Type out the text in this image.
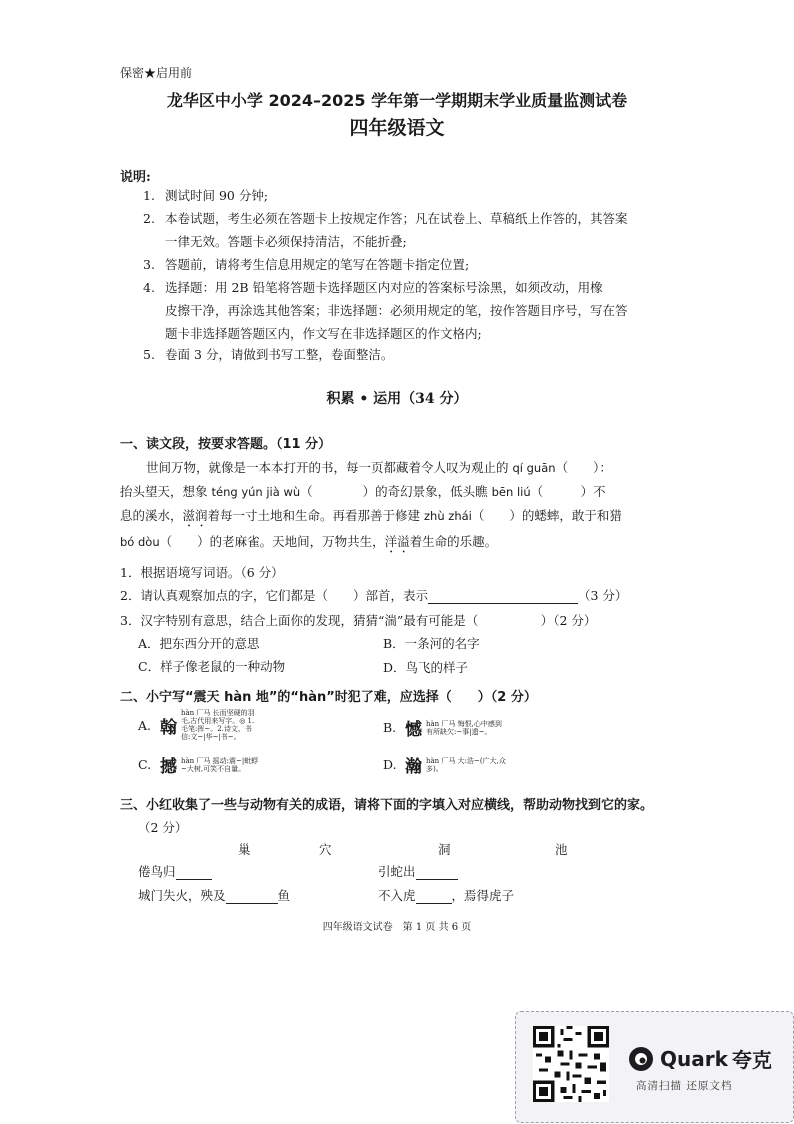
保密★启用前
龙华区中小学 2024–2025 学年第一学期期末学业质量监测试卷
四年级语文
说明:
1. 测试时间 90 分钟;
2. 本卷试题，考生必须在答题卡上按规定作答；凡在试卷上、草稿纸上作答的，其答案
一律无效。答题卡必须保持清洁，不能折叠;
3. 答题前，请将考生信息用规定的笔写在答题卡指定位置;
4. 选择题：用 2B 铅笔将答题卡选择题区内对应的答案标号涂黑，如须改动，用橡
皮擦干净，再涂选其他答案；非选择题：必须用规定的笔，按作答题目序号，写在答
题卡非选择题答题区内，作文写在非选择题区的作文格内;
5. 卷面 3 分，请做到书写工整，卷面整洁。
积累 • 运用（34 分）
一、读文段，按要求答题。（11 分）
世间万物，就像是一本本打开的书，每一页都藏着令人叹为观止的 qí guān（　　）：
抬头望天，想象 téng yún jià wù（　　　　）的奇幻景象，低头瞧 bēn liú（　　　）不
息的溪水，滋润着每一寸土地和生命。再看那善于修建 zhù zhái（　　）的蟋蟀，敢于和猎
bó dòu（　　）的老麻雀。天地间，万物共生，洋溢着生命的乐趣。
1．根据语境写词语。（6 分）
2．请认真观察加点的字，它们都是（　　）部首，表示	（3 分）
3．汉字特别有意思，结合上面你的发现，猜猜“湍”最有可能是（　　　　　）（2 分）
A．把东西分开的意思	B．一条河的名字
C．样子像老鼠的一种动物	D．鸟飞的样子
二、小宁写“震天 hàn 地”的“hàn”时犯了难，应选择（　　）（2 分）
A. 翰
hàn 厂马 长而坚硬的羽毛,古代用来写字。◎ 1.毛笔:挥~。2.诗文、书信:文~|华~|书~。
B. 憾 hàn 厂马 悔恨,心中感到有所缺欠:~事|遗~。
C. 撼 hàn 厂马 摇动:震~|蚍蜉~大树,可笑不自量。	D. 瀚 hàn 厂马 大:浩~(广大,众多)。
三、小红收集了一些与动物有关的成语，请将下面的字填入对应横线，帮助动物找到它的家。
（2 分）
巢	穴	洞	池
倦鸟归	引蛇出
城门失火，殃及	鱼	不入虎	，焉得虎子
四年级语文试卷　第 1 页 共 6 页
Quark 夸克
高清扫描 还原文档
